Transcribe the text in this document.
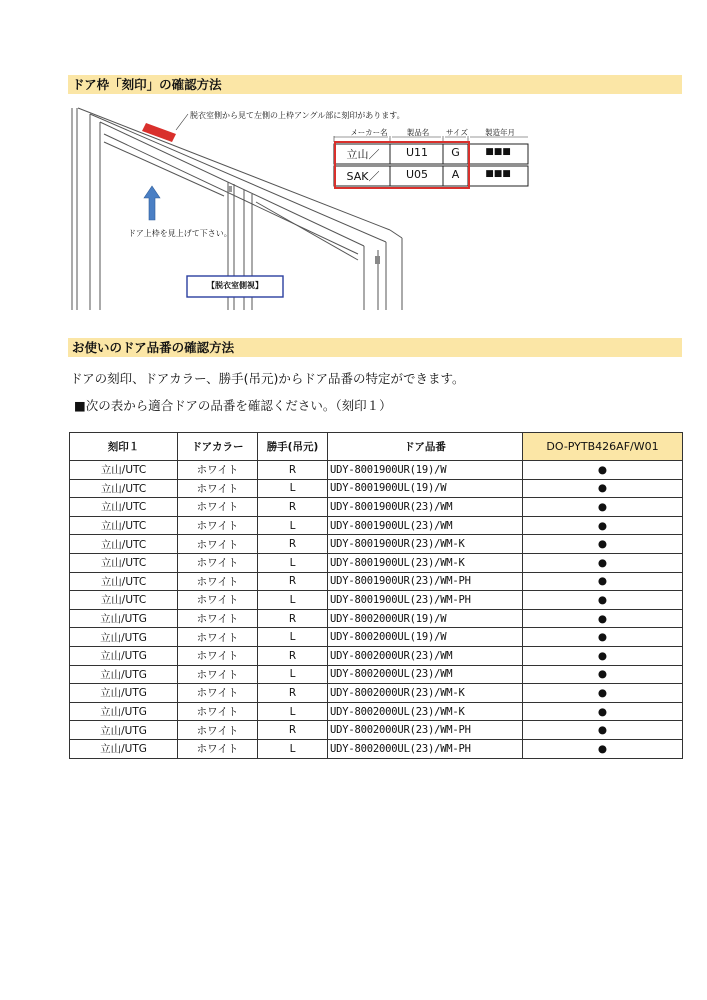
ドア枠「刻印」の確認方法
脱衣室側から見て左側の上枠アングル部に刻印があります。
メーカー名	製品名	サイズ	製造年月
立山／	U11	G	■■■
SAK／	U05	A	■■■
ドア上枠を見上げて下さい。
【脱衣室側視】
お使いのドア品番の確認方法
ドアの刻印、ドアカラー、勝手(吊元)からドア品番の特定ができます。
■次の表から適合ドアの品番を確認ください。（刻印１）
刻印１	ドアカラー	勝手(吊元)	ドア品番	DO-PYTB426AF/W01
立山/UTC	ホワイト	R	UDY-8001900UR(19)/W	●
立山/UTC	ホワイト	L	UDY-8001900UL(19)/W	●
立山/UTC	ホワイト	R	UDY-8001900UR(23)/WM	●
立山/UTC	ホワイト	L	UDY-8001900UL(23)/WM	●
立山/UTC	ホワイト	R	UDY-8001900UR(23)/WM-K	●
立山/UTC	ホワイト	L	UDY-8001900UL(23)/WM-K	●
立山/UTC	ホワイト	R	UDY-8001900UR(23)/WM-PH	●
立山/UTC	ホワイト	L	UDY-8001900UL(23)/WM-PH	●
立山/UTG	ホワイト	R	UDY-8002000UR(19)/W	●
立山/UTG	ホワイト	L	UDY-8002000UL(19)/W	●
立山/UTG	ホワイト	R	UDY-8002000UR(23)/WM	●
立山/UTG	ホワイト	L	UDY-8002000UL(23)/WM	●
立山/UTG	ホワイト	R	UDY-8002000UR(23)/WM-K	●
立山/UTG	ホワイト	L	UDY-8002000UL(23)/WM-K	●
立山/UTG	ホワイト	R	UDY-8002000UR(23)/WM-PH	●
立山/UTG	ホワイト	L	UDY-8002000UL(23)/WM-PH	●
